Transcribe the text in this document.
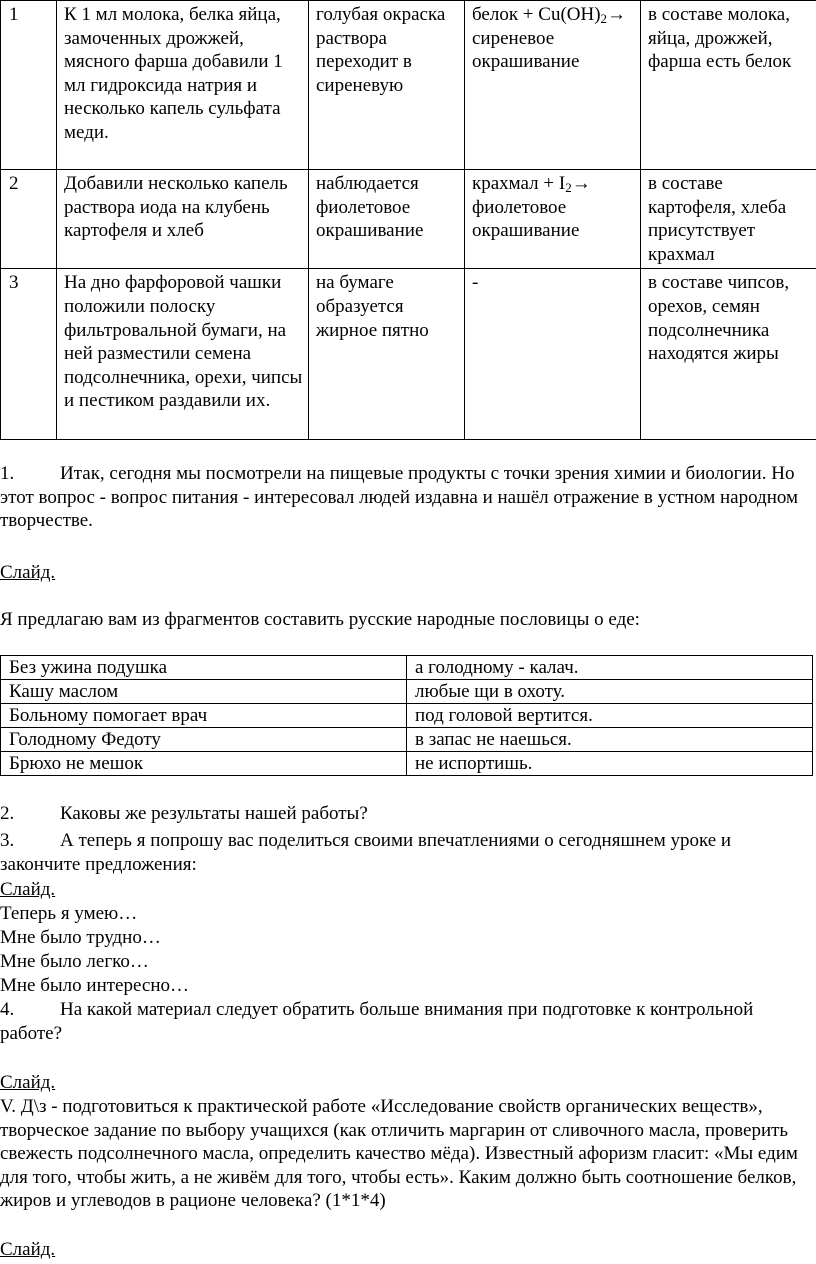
1	К 1 мл молока, белка яйца, замоченных дрожжей, мясного фарша добавили 1 мл гидроксида натрия и несколько капель сульфата меди.	голубая окраска раствора переходит в сиреневую	белок + $Cu(OH)_2\to$ сиреневое окрашивание	в составе молока, яйца, дрожжей, фарша есть белок
2	Добавили несколько капель раствора иода на клубень картофеля и хлеб	наблюдается фиолетовое окрашивание	крахмал + $I_2\to$ фиолетовое окрашивание	в составе картофеля, хлеба присутствует крахмал
3	На дно фарфоровой чашки положили полоску фильтровальной бумаги, на ней разместили семена подсолнечника, орехи, чипсы и пестиком раздавили их.	на бумаге образуется жирное пятно	-	в составе чипсов, орехов, семян подсолнечника находятся жиры
1. Итак, сегодня мы посмотрели на пищевые продукты с точки зрения химии и биологии. Но этот вопрос - вопрос питания - интересовал людей издавна и нашёл отражение в устном народном творчестве.
Слайд.
Я предлагаю вам из фрагментов составить русские народные пословицы о еде:
Без ужина подушка	а голодному - калач.
Кашу маслом	любые щи в охоту.
Больному помогает врач	под головой вертится.
Голодному Федоту	в запас не наешься.
Брюхо не мешок	не испортишь.
2. Каковы же результаты нашей работы?
3. А теперь я попрошу вас поделиться своими впечатлениями о сегодняшнем уроке и закончите предложения:
Слайд.
Теперь я умею…
Мне было трудно…
Мне было легко…
Мне было интересно…
4. На какой материал следует обратить больше внимания при подготовке к контрольной работе?
Слайд.
V. Д\з - подготовиться к практической работе «Исследование свойств органических веществ», творческое задание по выбору учащихся (как отличить маргарин от сливочного масла, проверить свежесть подсолнечного масла, определить качество мёда). Известный афоризм гласит: «Мы едим для того, чтобы жить, а не живём для того, чтобы есть». Каким должно быть соотношение белков, жиров и углеводов в рационе человека? (1*1*4)
Слайд.
